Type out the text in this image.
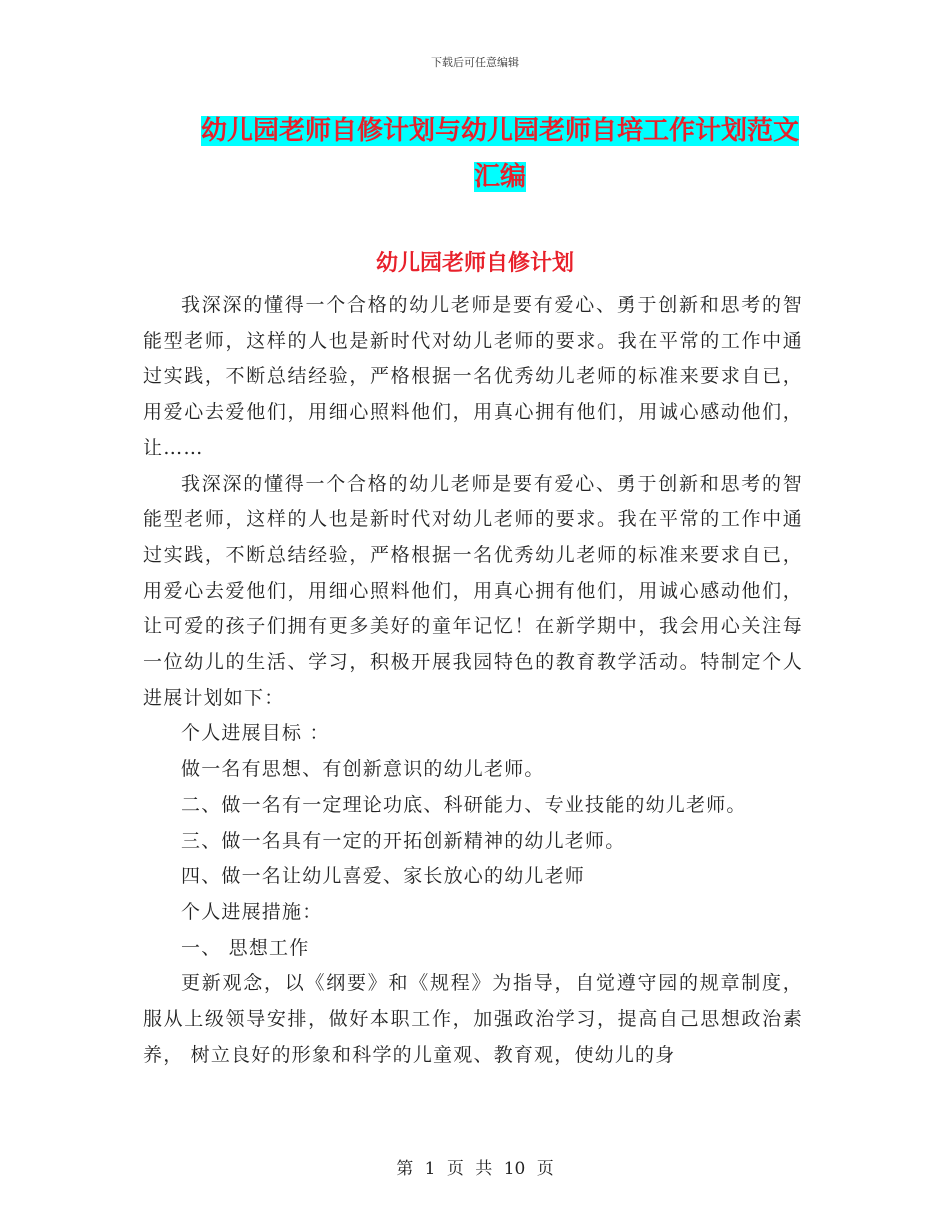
下载后可任意编辑
幼儿园老师自修计划与幼儿园老师自培工作计划范文汇编
幼儿园老师自修计划

我深深的懂得一个合格的幼儿老师是要有爱心、勇于创新和思考的智能型老师，这样的人也是新时代对幼儿老师的要求。我在平常的工作中通过实践，不断总结经验，严格根据一名优秀幼儿老师的标准来要求自已，用爱心去爱他们，用细心照料他们，用真心拥有他们，用诚心感动他们，让……

我深深的懂得一个合格的幼儿老师是要有爱心、勇于创新和思考的智能型老师，这样的人也是新时代对幼儿老师的要求。我在平常的工作中通过实践，不断总结经验，严格根据一名优秀幼儿老师的标准来要求自已，用爱心去爱他们，用细心照料他们，用真心拥有他们，用诚心感动他们，让可爱的孩子们拥有更多美好的童年记忆！在新学期中，我会用心关注每一位幼儿的生活、学习，积极开展我园特色的教育教学活动。特制定个人进展计划如下：

个人进展目标 ：

做一名有思想、有创新意识的幼儿老师。

二、做一名有一定理论功底、科研能力、专业技能的幼儿老师。

三、做一名具有一定的开拓创新精神的幼儿老师。

四、做一名让幼儿喜爱、家长放心的幼儿老师

个人进展措施：

一、 思想工作

更新观念，以《纲要》和《规程》为指导，自觉遵守园的规章制度，服从上级领导安排，做好本职工作，加强政治学习，提高自己思想政治素养， 树立良好的形象和科学的儿童观、教育观，使幼儿的身

第 1 页 共 10 页
